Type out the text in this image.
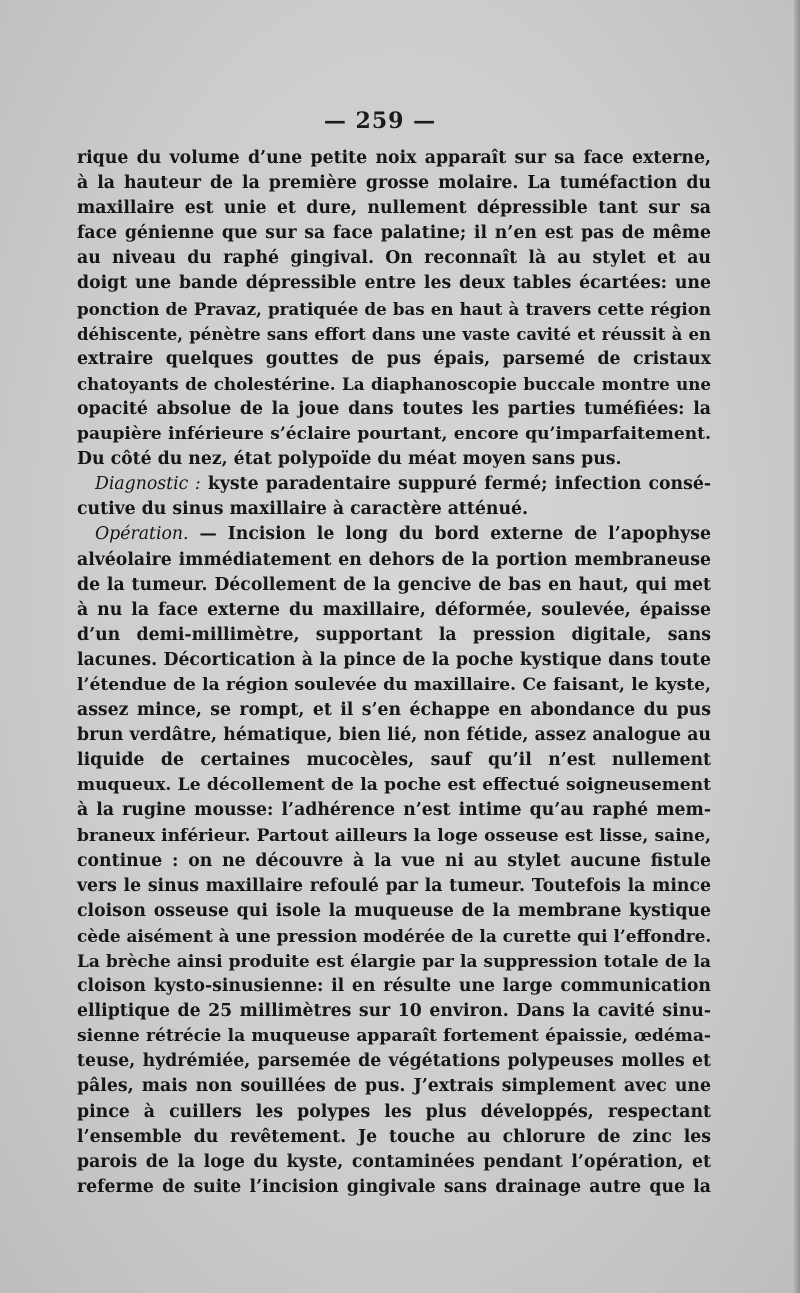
— 259 —
rique du volume d’une petite noix apparaît sur sa face externe,
à la hauteur de la première grosse molaire. La tuméfaction du
maxillaire est unie et dure, nullement dépressible tant sur sa
face génienne que sur sa face palatine; il n’en est pas de même
au niveau du raphé gingival. On reconnaît là au stylet et au
doigt une bande dépressible entre les deux tables écartées: une
ponction de Pravaz, pratiquée de bas en haut à travers cette région
déhiscente, pénètre sans effort dans une vaste cavité et réussit à en
extraire quelques gouttes de pus épais, parsemé de cristaux
chatoyants de cholestérine. La diaphanoscopie buccale montre une
opacité absolue de la joue dans toutes les parties tuméfiées: la
paupière inférieure s’éclaire pourtant, encore qu’imparfaitement.
Du côté du nez, état polypoïde du méat moyen sans pus.
Diagnostic : kyste paradentaire suppuré fermé; infection consé-
cutive du sinus maxillaire à caractère atténué.
Opération. — Incision le long du bord externe de l’apophyse
alvéolaire immédiatement en dehors de la portion membraneuse
de la tumeur. Décollement de la gencive de bas en haut, qui met
à nu la face externe du maxillaire, déformée, soulevée, épaisse
d’un demi-millimètre, supportant la pression digitale, sans
lacunes. Décortication à la pince de la poche kystique dans toute
l’étendue de la région soulevée du maxillaire. Ce faisant, le kyste,
assez mince, se rompt, et il s’en échappe en abondance du pus
brun verdâtre, hématique, bien lié, non fétide, assez analogue au
liquide de certaines mucocèles, sauf qu’il n’est nullement
muqueux. Le décollement de la poche est effectué soigneusement
à la rugine mousse: l’adhérence n’est intime qu’au raphé mem-
braneux inférieur. Partout ailleurs la loge osseuse est lisse, saine,
continue : on ne découvre à la vue ni au stylet aucune fistule
vers le sinus maxillaire refoulé par la tumeur. Toutefois la mince
cloison osseuse qui isole la muqueuse de la membrane kystique
cède aisément à une pression modérée de la curette qui l’effondre.
La brèche ainsi produite est élargie par la suppression totale de la
cloison kysto-sinusienne: il en résulte une large communication
elliptique de 25 millimètres sur 10 environ. Dans la cavité sinu-
sienne rétrécie la muqueuse apparaît fortement épaissie, œdéma-
teuse, hydrémiée, parsemée de végétations polypeuses molles et
pâles, mais non souillées de pus. J’extrais simplement avec une
pince à cuillers les polypes les plus développés, respectant
l’ensemble du revêtement. Je touche au chlorure de zinc les
parois de la loge du kyste, contaminées pendant l’opération, et
referme de suite l’incision gingivale sans drainage autre que la
